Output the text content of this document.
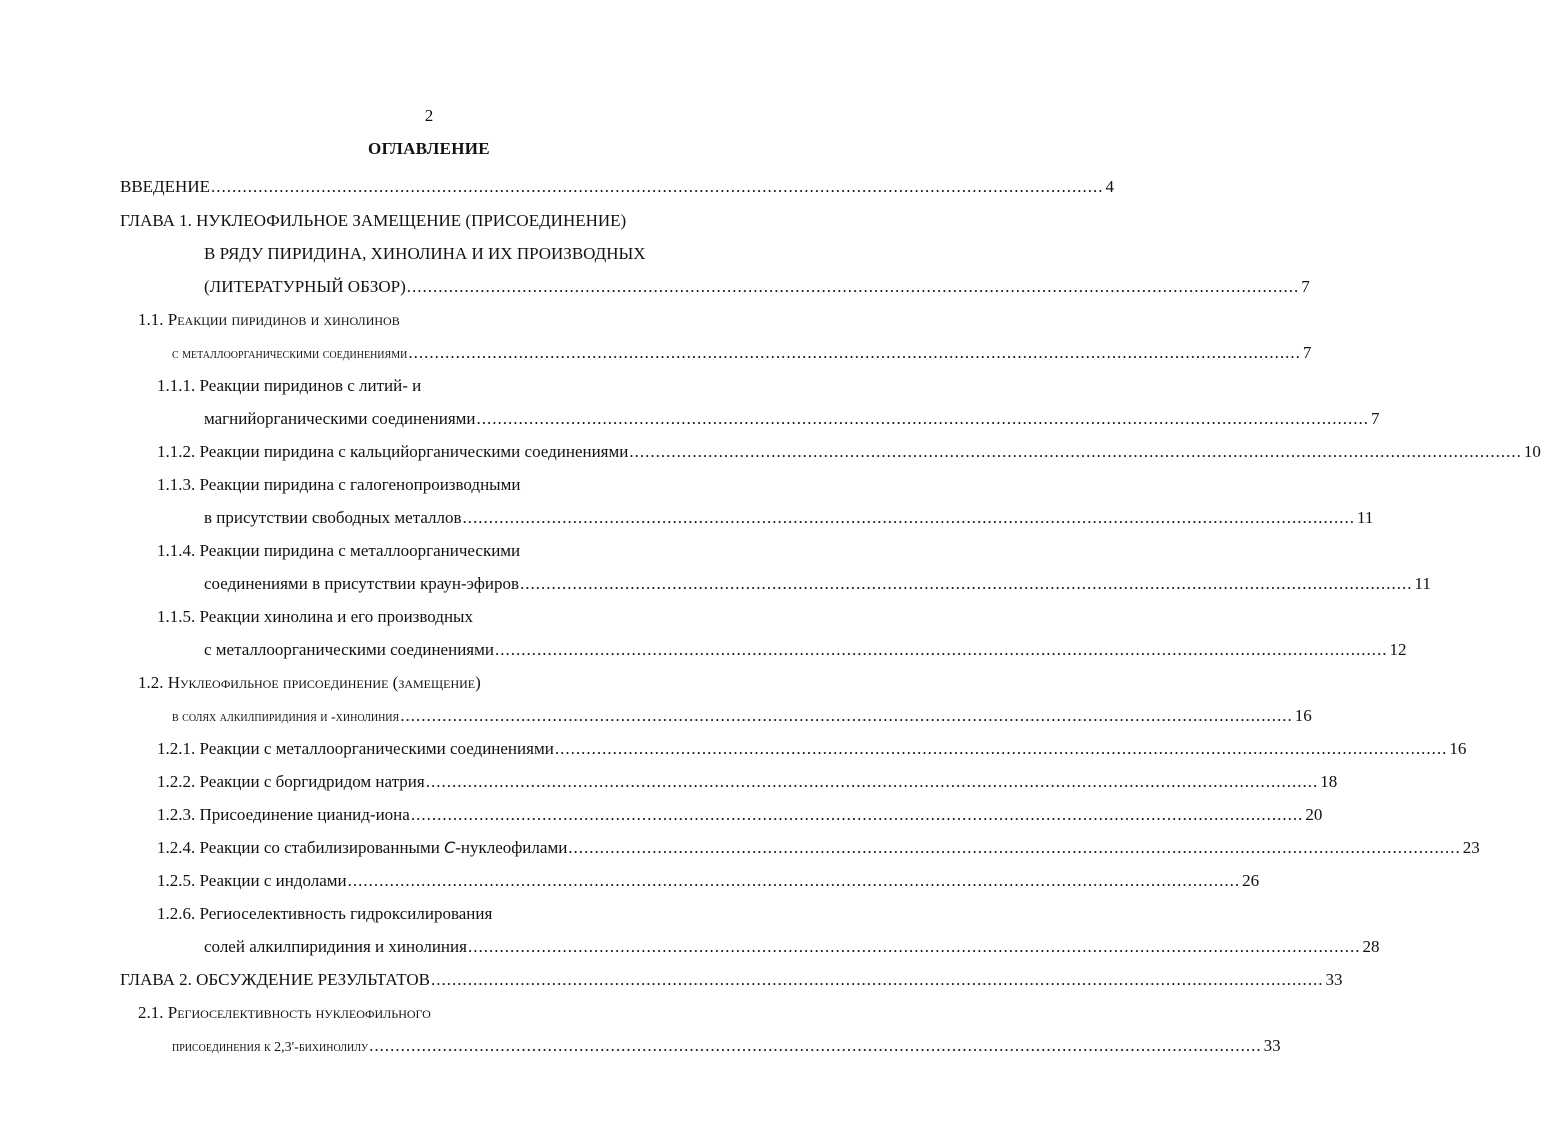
2
ОГЛАВЛЕНИЕ
ВВЕДЕНИЕ .......................................................................................................................................................................... 4
ГЛАВА 1. НУКЛЕОФИЛЬНОЕ ЗАМЕЩЕНИЕ (ПРИСОЕДИНЕНИЕ)
В РЯДУ ПИРИДИНА, ХИНОЛИНА И ИХ ПРОИЗВОДНЫХ
(ЛИТЕРАТУРНЫЙ ОБЗОР) .......................................................................................................................................................................... 7
1.1. Реакции пиридинов и хинолинов
с металлоорганическими соединениями .......................................................................................................................................................................... 7
1.1.1. Реакции пиридинов с литий- и
магнийорганическими соединениями .......................................................................................................................................................................... 7
1.1.2. Реакции пиридина с кальцийорганическими соединениями .......................................................................................................................................................................... 10
1.1.3. Реакции пиридина с галогенопроизводными
в присутствии свободных металлов .......................................................................................................................................................................... 11
1.1.4. Реакции пиридина с металлоорганическими
соединениями в присутствии краун-эфиров .......................................................................................................................................................................... 11
1.1.5. Реакции хинолина и его производных
с металлоорганическими соединениями .......................................................................................................................................................................... 12
1.2. Нуклеофильное присоединение (замещение)
в солях алкилпиридиния и -хинолиния .......................................................................................................................................................................... 16
1.2.1. Реакции с металлоорганическими соединениями .......................................................................................................................................................................... 16
1.2.2. Реакции с боргидридом натрия .......................................................................................................................................................................... 18
1.2.3. Присоединение цианид-иона .......................................................................................................................................................................... 20
1.2.4. Реакции со стабилизированными С-нуклеофилами .......................................................................................................................................................................... 23
1.2.5. Реакции с индолами .......................................................................................................................................................................... 26
1.2.6. Региоселективность гидроксилирования
солей алкилпиридиния и хинолиния .......................................................................................................................................................................... 28
ГЛАВА 2. ОБСУЖДЕНИЕ РЕЗУЛЬТАТОВ .......................................................................................................................................................................... 33
2.1. Региоселективность нуклеофильного
присоединения к 2,3'-бихинолилу .......................................................................................................................................................................... 33
